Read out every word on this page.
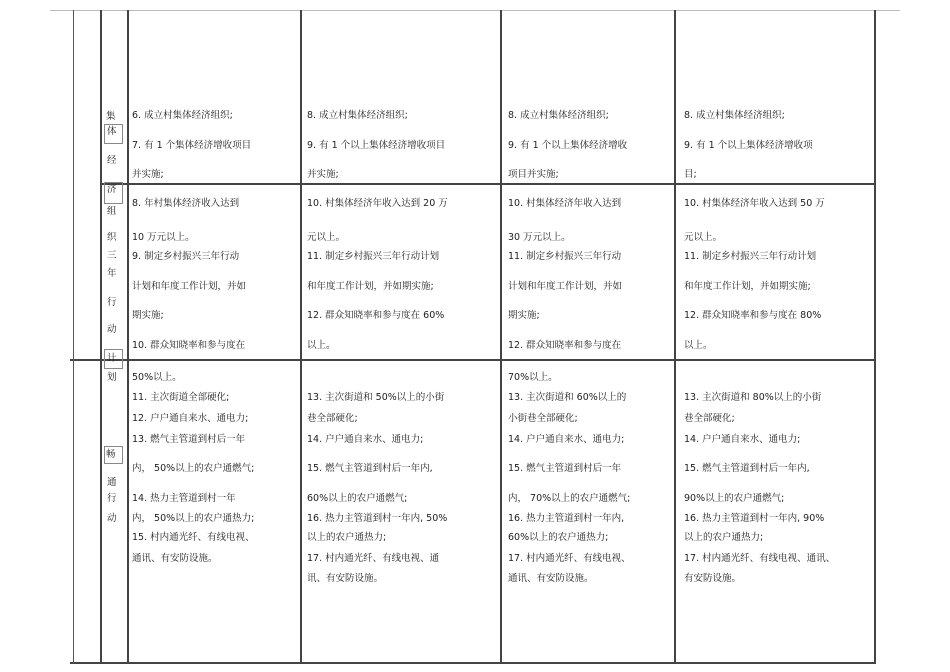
集
体
经
济
组
织
三
年
行
动
计
划
畅
通
行
动
6. 成立村集体经济组织;
7. 有 1 个集体经济增收项目
并实施;
8. 年村集体经济收入达到
10 万元以上。
9. 制定乡村振兴三年行动
计划和年度工作计划，并如
期实施;
10. 群众知晓率和参与度在
50%以上。
11. 主次街道全部硬化;
12. 户户通自来水、通电力;
13. 燃气主管道到村后一年
内， 50%以上的农户通燃气;
14. 热力主管道到村一年
内， 50%以上的农户通热力;
15. 村内通光纤、有线电视、
通讯、有安防设施。
8. 成立村集体经济组织;
9. 有 1 个以上集体经济增收项目
并实施;
10. 村集体经济年收入达到 20 万
元以上。
11. 制定乡村振兴三年行动计划
和年度工作计划，并如期实施;
12. 群众知晓率和参与度在 60%
以上。
13. 主次街道和 50%以上的小街
巷全部硬化;
14. 户户通自来水、通电力;
15. 燃气主管道到村后一年内,
60%以上的农户通燃气;
16. 热力主管道到村一年内, 50%
以上的农户通热力;
17. 村内通光纤、有线电视、通
讯、有安防设施。
8. 成立村集体经济组织;
9. 有 1 个以上集体经济增收
项目并实施;
10. 村集体经济年收入达到
30 万元以上。
11. 制定乡村振兴三年行动
计划和年度工作计划，并如
期实施;
12. 群众知晓率和参与度在
70%以上。
13. 主次街道和 60%以上的
小街巷全部硬化;
14. 户户通自来水、通电力;
15. 燃气主管道到村后一年
内， 70%以上的农户通燃气;
16. 热力主管道到村一年内,
60%以上的农户通热力;
17. 村内通光纤、有线电视、
通讯、有安防设施。
8. 成立村集体经济组织;
9. 有 1 个以上集体经济增收项
目;
10. 村集体经济年收入达到 50 万
元以上。
11. 制定乡村振兴三年行动计划
和年度工作计划，并如期实施;
12. 群众知晓率和参与度在 80%
以上。
13. 主次街道和 80%以上的小街
巷全部硬化;
14. 户户通自来水、通电力;
15. 燃气主管道到村后一年内,
90%以上的农户通燃气;
16. 热力主管道到村一年内, 90%
以上的农户通热力;
17. 村内通光纤、有线电视、通讯、
有安防设施。
